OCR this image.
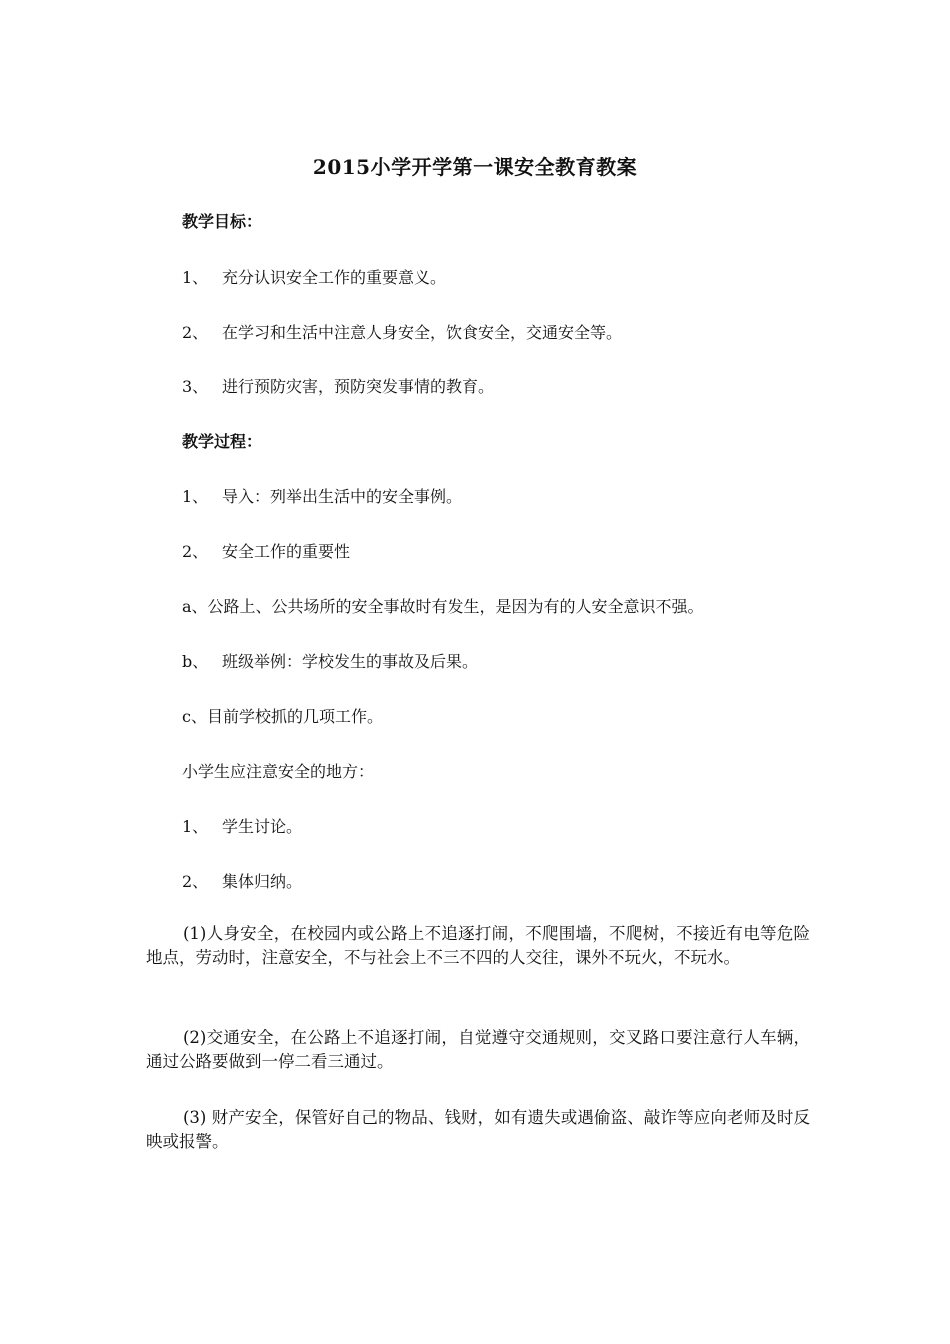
2015小学开学第一课安全教育教案
教学目标：
1、 充分认识安全工作的重要意义。
2、 在学习和生活中注意人身安全，饮食安全，交通安全等。
3、 进行预防灾害，预防突发事情的教育。
教学过程：
1、 导入：列举出生活中的安全事例。
2、 安全工作的重要性
a、公路上、公共场所的安全事故时有发生，是因为有的人安全意识不强。
b、 班级举例：学校发生的事故及后果。
c、目前学校抓的几项工作。
小学生应注意安全的地方：
1、 学生讨论。
2、 集体归纳。
(1)人身安全，在校园内或公路上不追逐打闹，不爬围墙，不爬树，不接近有电等危险地点，劳动时，注意安全，不与社会上不三不四的人交往，课外不玩火，不玩水。
(2)交通安全，在公路上不追逐打闹，自觉遵守交通规则，交叉路口要注意行人车辆，通过公路要做到一停二看三通过。
(3) 财产安全，保管好自己的物品、钱财，如有遗失或遇偷盗、敲诈等应向老师及时反映或报警。
